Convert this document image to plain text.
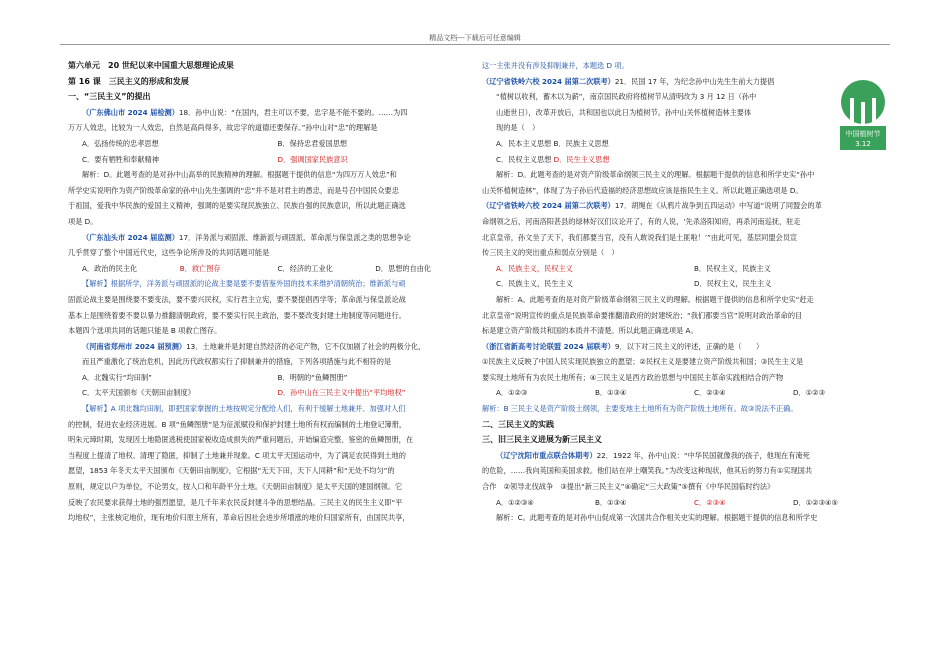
精品文档---下载后可任意编辑

第六单元　20 世纪以来中国重大思想理论成果

第 16 课　三民主义的形成和发展

一、“三民主义”的提出

（广东佛山市 2024 届检测）18．孙中山说：“在国内，君主可以不要，忠字是不能不要的。……为四

万万人效忠，比较为一人效忠，自然是高尚得多，故忠字的道德还要保存。”孙中山对“忠”的理解是

A．弘扬传统的忠孝思想	B．保持忠君爱国思想
C．要有牺牲和奉献精神	D．强调国家民族意识

解析：D。此题考查的是对孙中山高举的民族精神的理解。根据题干提供的信息“为四万万人效忠”和

所学史实说明作为资产阶级革命家的孙中山先生强调的“忠”并不是对君主的愚忠，而是号召中国民众要忠

于祖国，爱我中华民族的爱国主义精神，强调的是要实现民族独立、民族自强的民族意识，所以此题正确选

项是 D。

（广东汕头市 2024 届监测）17．洋务派与顽固派、维新派与顽固派、革命派与保皇派之类的思想争论

几乎贯穿了整个中国近代史，这些争论所涉及的共同话题可能是

A．政治的民主化	B．救亡图存	C．经济的工业化	D．思想的自由化

【解析】根据所学，洋务派与顽固派的论战主要是要不要借鉴外国的技术来维护清朝统治；维新派与顽

固派论战主要是围绕要不要变法，要不要兴民权，实行君主立宪，要不要提倡西学等；革命派与保皇派论战

基本上是围绕着要不要以暴力推翻清朝政府，要不要实行民主政治，要不要改变封建土地制度等问题进行。

本题四个选项共同的话题只能是 B 项救亡图存。

（河南省郑州市 2024 届预测）13．土地兼并是封建自然经济的必定产物，它不仅加剧了社会的两极分化，

而且严重激化了统治危机，因此历代政权都实行了抑制兼并的措施，下列各项措施与此不相符的是

A．北魏实行“均田制”	B．明朝的“鱼鳞图册”
C．太平天国颁布《天朝田亩制度》	D．孙中山在三民主义中提出“平均地权”

【解析】A 项北魏均田制，即把国家掌握的土地按规定分配给人们，有利于缓解土地兼并、加强对人们

的控制，促进农业经济进展。B 项“鱼鳞图册”是为征派赋役和保护封建土地所有权而编制的土地登记簿册，

明朱元璋时期，发现因土地隐匿逃税使国家税收造成损失的严重问题后，开始编造完整、鉴密的鱼鳞图册，在

当程度上提清了地权、清理了隐匿，抑制了土地兼并现象。C 项太平天国运动中，为了满足农民得到土地的

愿望，1853 年冬天太平天国颁布《天朝田亩制度》，它根据“无天下田，天下人同耕”和“无处不均匀”的

原则，规定以户为单位，不论男女，按人口和年龄平分土地。《天朝田亩制度》是太平天国的建国纲领。它

反映了农民要求获得土地的强烈愿望，是几千年来农民反封建斗争的思想结晶。三民主义的民生主义即“平

均地权”，主张核定地价，现有地价归原主所有，革命后因社会进步所增涨的地价归国家所有，由国民共享，

这一主张并没有涉及抑制兼并，本题选 D 项。

（辽宁省铁岭六校 2024 届第二次联考）21．民国 17 年，为纪念孙中山先生生前大力提倡

“植树以收利，蓄木以为薪”，南京国民政府将植树节从清明改为 3 月 12 日（孙中

山逝世日），改革开放后，共和国也以此日为植树节。孙中山关怀植树造林主要体

现的是（　）

A．民本主义思想 B．民族主义思想

C．民权主义思想 D．民生主义思想

解析：D。此题考查的是对资产阶级革命纲领三民主义的理解。根据题干提供的信息和所学史实“孙中

山关怀植树造林”，体现了为子孙后代造福的经济思想故应该是指民生主义。所以此题正确选项是 D。

（辽宁省铁岭六校 2024 届第二次联考）17．胡绳在《从鸦片战争到五四运动》中写道“说明了同盟会的革

命纲领之后，河南洛阳甚县的绿林好汉们议论开了，有的人说，‘先杀洛阳知府，再杀河南巡抚，驻走

北京皇帝，孙文坐了天下，我们都要当官，没有人敢说我们是土匪啦！’”由此可见，基层同盟会员宣

传三民主义的突出重点和弱点分别是（　）

A．民族主义，民权主义	B．民权主义，民族主义
C．民族主义，民生主义	D．民权主义，民生主义

解析：A。此题考查的是对资产阶级革命纲领三民主义的理解。根据题干提供的信息和所学史实“赶走

北京皇帝”说明宣传的重点是民族革命要推翻清政府的封建统治；“我们都要当官”说明对政治革命的目

标是建立资产阶级共和国的本质并不清楚。所以此题正确选项是 A。

（浙江省新高考讨论联盟 2024 届联考）9．以下对三民主义的评述，正确的是（　　）

①民族主义反映了中国人民实现民族独立的愿望；②民权主义是要建立资产阶级共和国；③民生主义是

要实现土地所有为农民土地所有；④三民主义是西方政治思想与中国民主革命实践相结合的产物

A．①②③	B．①③④	C．②③④	D．①②③

解析：B 三民主义是资产阶级土纲领，主要变地主土地所有为资产阶级土地所有。故③说法不正确。

二、三民主义的实践

三、旧三民主义进展为新三民主义

（辽宁沈阳市重点联合体期考）22．1922 年，孙中山说：“中华民国就像我的孩子，他现在有淹死

的危险，……我向英国和美国求救。他们站在岸上嘲笑我。”为改变这种现状，他其后的努力有①实现国共

合作　②领导北伐战争　③提出“新三民主义”④确定“三大政策”⑤撰有《中华民国临时约法》

A．①②③④	B．①③④	C．②③④	D．①②③④⑤

解析：C。此题考查的是对孙中山促成第一次国共合作相关史实的理解。根据题干提供的信息和所学史

中国植树节
3.12
